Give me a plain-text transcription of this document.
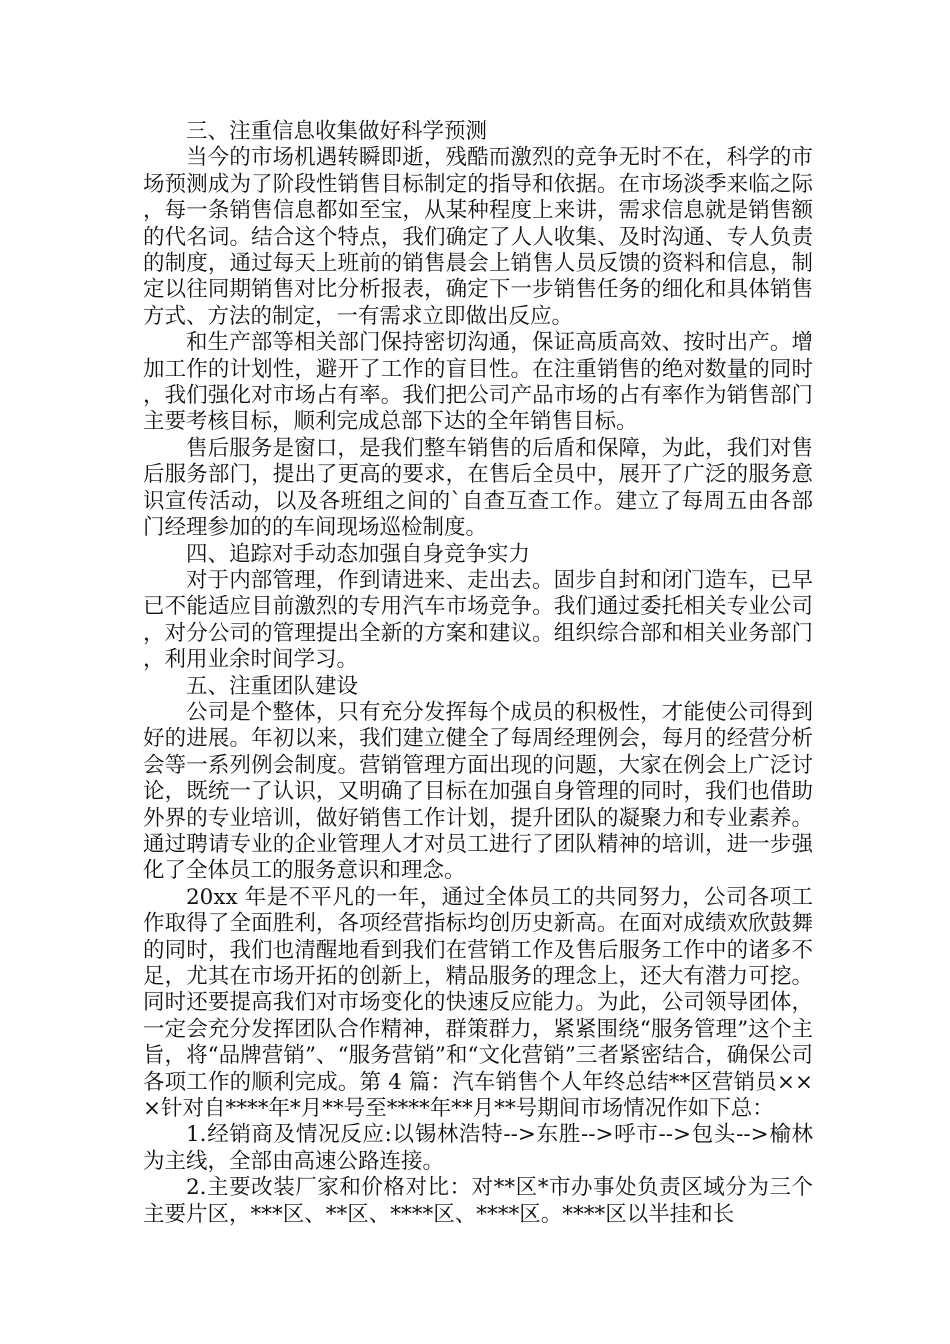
三、注重信息收集做好科学预测

当今的市场机遇转瞬即逝，残酷而激烈的竞争无时不在，科学的市场预测成为了阶段性销售目标制定的指导和依据。在市场淡季来临之际，每一条销售信息都如至宝，从某种程度上来讲，需求信息就是销售额的代名词。结合这个特点，我们确定了人人收集、及时沟通、专人负责的制度，通过每天上班前的销售晨会上销售人员反馈的资料和信息，制定以往同期销售对比分析报表，确定下一步销售任务的细化和具体销售方式、方法的制定，一有需求立即做出反应。

和生产部等相关部门保持密切沟通，保证高质高效、按时出产。增加工作的计划性，避开了工作的盲目性。在注重销售的绝对数量的同时，我们强化对市场占有率。我们把公司产品市场的占有率作为销售部门主要考核目标，顺利完成总部下达的全年销售目标。

售后服务是窗口，是我们整车销售的后盾和保障，为此，我们对售后服务部门，提出了更高的要求，在售后全员中，展开了广泛的服务意识宣传活动，以及各班组之间的`自查互查工作。建立了每周五由各部门经理参加的的车间现场巡检制度。

四、追踪对手动态加强自身竞争实力

对于内部管理，作到请进来、走出去。固步自封和闭门造车，已早已不能适应目前激烈的专用汽车市场竞争。我们通过委托相关专业公司，对分公司的管理提出全新的方案和建议。组织综合部和相关业务部门，利用业余时间学习。

五、注重团队建设

公司是个整体，只有充分发挥每个成员的积极性，才能使公司得到好的进展。年初以来，我们建立健全了每周经理例会，每月的经营分析会等一系列例会制度。营销管理方面出现的问题，大家在例会上广泛讨论，既统一了认识，又明确了目标在加强自身管理的同时，我们也借助外界的专业培训，做好销售工作计划，提升团队的凝聚力和专业素养。通过聘请专业的企业管理人才对员工进行了团队精神的培训，进一步强化了全体员工的服务意识和理念。

20xx 年是不平凡的一年，通过全体员工的共同努力，公司各项工作取得了全面胜利，各项经营指标均创历史新高。在面对成绩欢欣鼓舞的同时，我们也清醒地看到我们在营销工作及售后服务工作中的诸多不足，尤其在市场开拓的创新上，精品服务的理念上，还大有潜力可挖。同时还要提高我们对市场变化的快速反应能力。为此，公司领导团体，一定会充分发挥团队合作精神，群策群力，紧紧围绕“服务管理”这个主旨，将“品牌营销”、“服务营销”和“文化营销”三者紧密结合，确保公司各项工作的顺利完成。第 4 篇：汽车销售个人年终总结**区营销员×××针对自****年*月**号至****年**月**号期间市场情况作如下总：

1.经销商及情况反应:以锡林浩特-->东胜-->呼市-->包头-->榆林为主线，全部由高速公路连接。

2.主要改装厂家和价格对比：对**区*市办事处负责区域分为三个主要片区，***区、**区、****区、****区。****区以半挂和长
